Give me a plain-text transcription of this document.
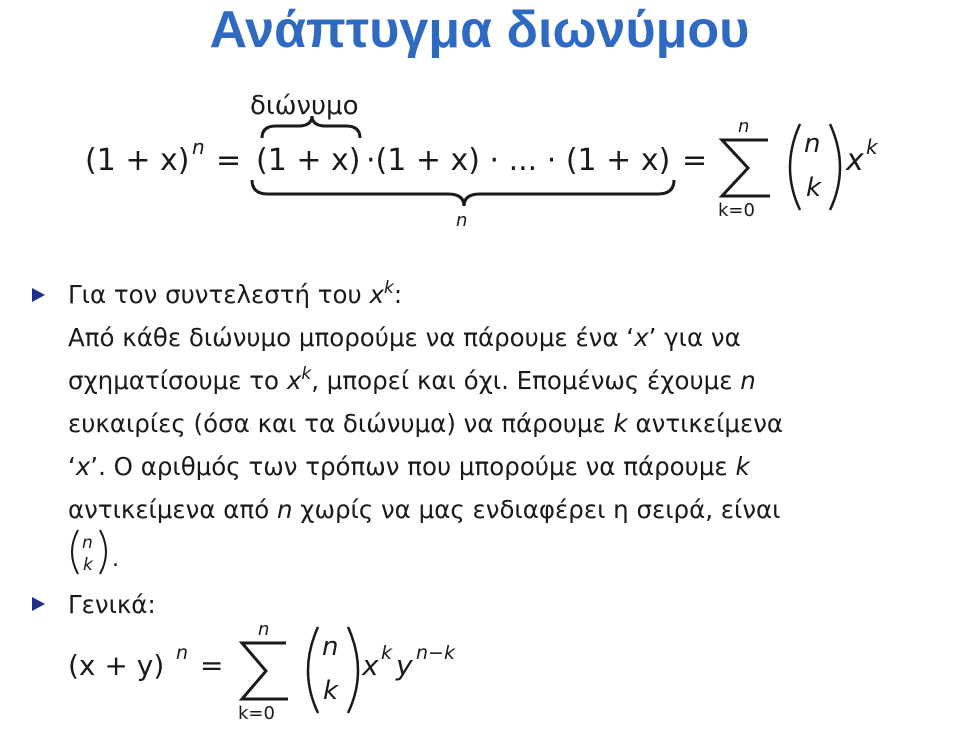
Ανάπτυγμα διωνύμου
(1 + x) n = (1 + x) ·(1 + x) · ... · (1 + x) =
n
k=0
n
k
x k
διώνυμο
n
Για τον συντελεστή του $x^k$:
Από κάθε διώνυμο μπορούμε να πάρουμε ένα ‘x’ για να
σχηματίσουμε το $x^k$, μπορεί και όχι. Επομένως έχουμε n
ευκαιρίες (όσα και τα διώνυμα) να πάρουμε k αντικείμενα
‘x’. Ο αριθμός των τρόπων που μπορούμε να πάρουμε k
αντικείμενα από n χωρίς να μας ενδιαφέρει η σειρά, είναι
n
k .
Γενικά:
(x + y) n =
n
k=0
n
k
x k y n−k
